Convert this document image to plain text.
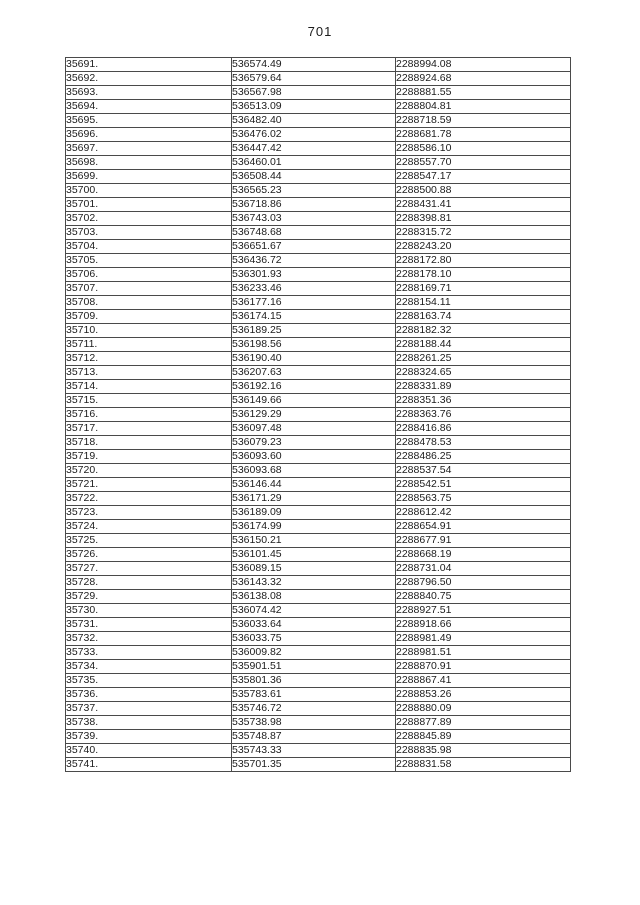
701
35691.	536574.49	2288994.08
35692.	536579.64	2288924.68
35693.	536567.98	2288881.55
35694.	536513.09	2288804.81
35695.	536482.40	2288718.59
35696.	536476.02	2288681.78
35697.	536447.42	2288586.10
35698.	536460.01	2288557.70
35699.	536508.44	2288547.17
35700.	536565.23	2288500.88
35701.	536718.86	2288431.41
35702.	536743.03	2288398.81
35703.	536748.68	2288315.72
35704.	536651.67	2288243.20
35705.	536436.72	2288172.80
35706.	536301.93	2288178.10
35707.	536233.46	2288169.71
35708.	536177.16	2288154.11
35709.	536174.15	2288163.74
35710.	536189.25	2288182.32
35711.	536198.56	2288188.44
35712.	536190.40	2288261.25
35713.	536207.63	2288324.65
35714.	536192.16	2288331.89
35715.	536149.66	2288351.36
35716.	536129.29	2288363.76
35717.	536097.48	2288416.86
35718.	536079.23	2288478.53
35719.	536093.60	2288486.25
35720.	536093.68	2288537.54
35721.	536146.44	2288542.51
35722.	536171.29	2288563.75
35723.	536189.09	2288612.42
35724.	536174.99	2288654.91
35725.	536150.21	2288677.91
35726.	536101.45	2288668.19
35727.	536089.15	2288731.04
35728.	536143.32	2288796.50
35729.	536138.08	2288840.75
35730.	536074.42	2288927.51
35731.	536033.64	2288918.66
35732.	536033.75	2288981.49
35733.	536009.82	2288981.51
35734.	535901.51	2288870.91
35735.	535801.36	2288867.41
35736.	535783.61	2288853.26
35737.	535746.72	2288880.09
35738.	535738.98	2288877.89
35739.	535748.87	2288845.89
35740.	535743.33	2288835.98
35741.	535701.35	2288831.58
